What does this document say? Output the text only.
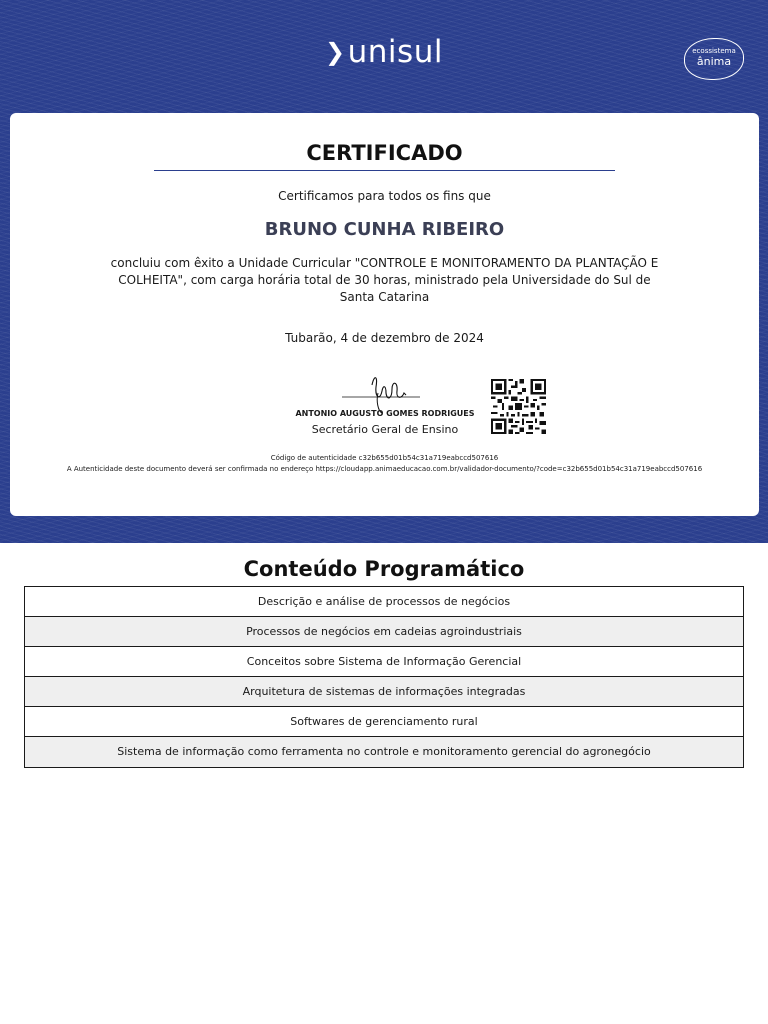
❯unisul	ecossistema
ânima
CERTIFICADO
Certificamos para todos os fins que
BRUNO CUNHA RIBEIRO
concluiu com êxito a Unidade Curricular "CONTROLE E MONITORAMENTO DA PLANTAÇÃO E COLHEITA", com carga horária total de 30 horas, ministrado pela Universidade do Sul de Santa Catarina
Tubarão, 4 de dezembro de 2024
ANTONIO AUGUSTO GOMES RODRIGUES
Secretário Geral de Ensino
Código de autenticidade c32b655d01b54c31a719eabccd507616
A Autenticidade deste documento deverá ser confirmada no endereço https://cloudapp.animaeducacao.com.br/validador-documento/?code=c32b655d01b54c31a719eabccd507616
Conteúdo Programático
Descrição e análise de processos de negócios
Processos de negócios em cadeias agroindustriais
Conceitos sobre Sistema de Informação Gerencial
Arquitetura de sistemas de informações integradas
Softwares de gerenciamento rural
Sistema de informação como ferramenta no controle e monitoramento gerencial do agronegócio
